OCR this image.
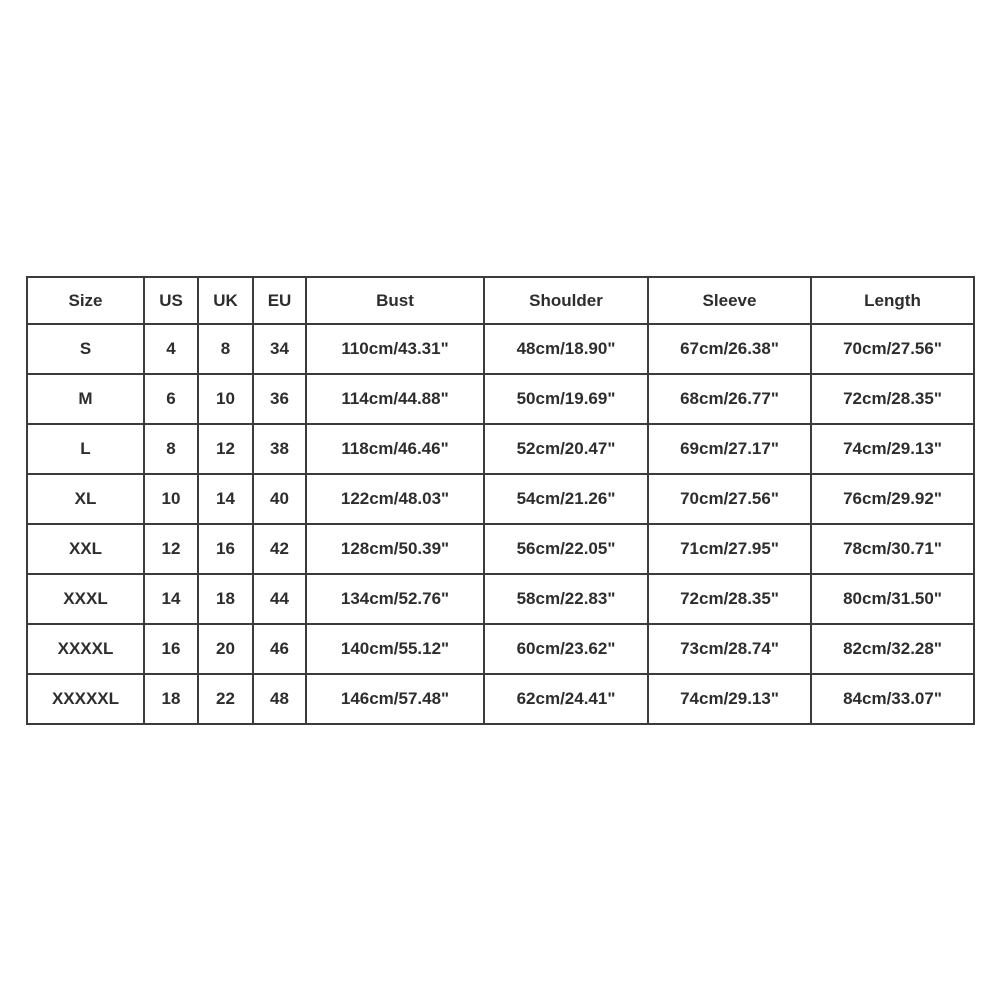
Size	US	UK	EU	Bust	Shoulder	Sleeve	Length
S	4	8	34	110cm/43.31"	48cm/18.90"	67cm/26.38"	70cm/27.56"
M	6	10	36	114cm/44.88"	50cm/19.69"	68cm/26.77"	72cm/28.35"
L	8	12	38	118cm/46.46"	52cm/20.47"	69cm/27.17"	74cm/29.13"
XL	10	14	40	122cm/48.03"	54cm/21.26"	70cm/27.56"	76cm/29.92"
XXL	12	16	42	128cm/50.39"	56cm/22.05"	71cm/27.95"	78cm/30.71"
XXXL	14	18	44	134cm/52.76"	58cm/22.83"	72cm/28.35"	80cm/31.50"
XXXXL	16	20	46	140cm/55.12"	60cm/23.62"	73cm/28.74"	82cm/32.28"
XXXXXL	18	22	48	146cm/57.48"	62cm/24.41"	74cm/29.13"	84cm/33.07"
